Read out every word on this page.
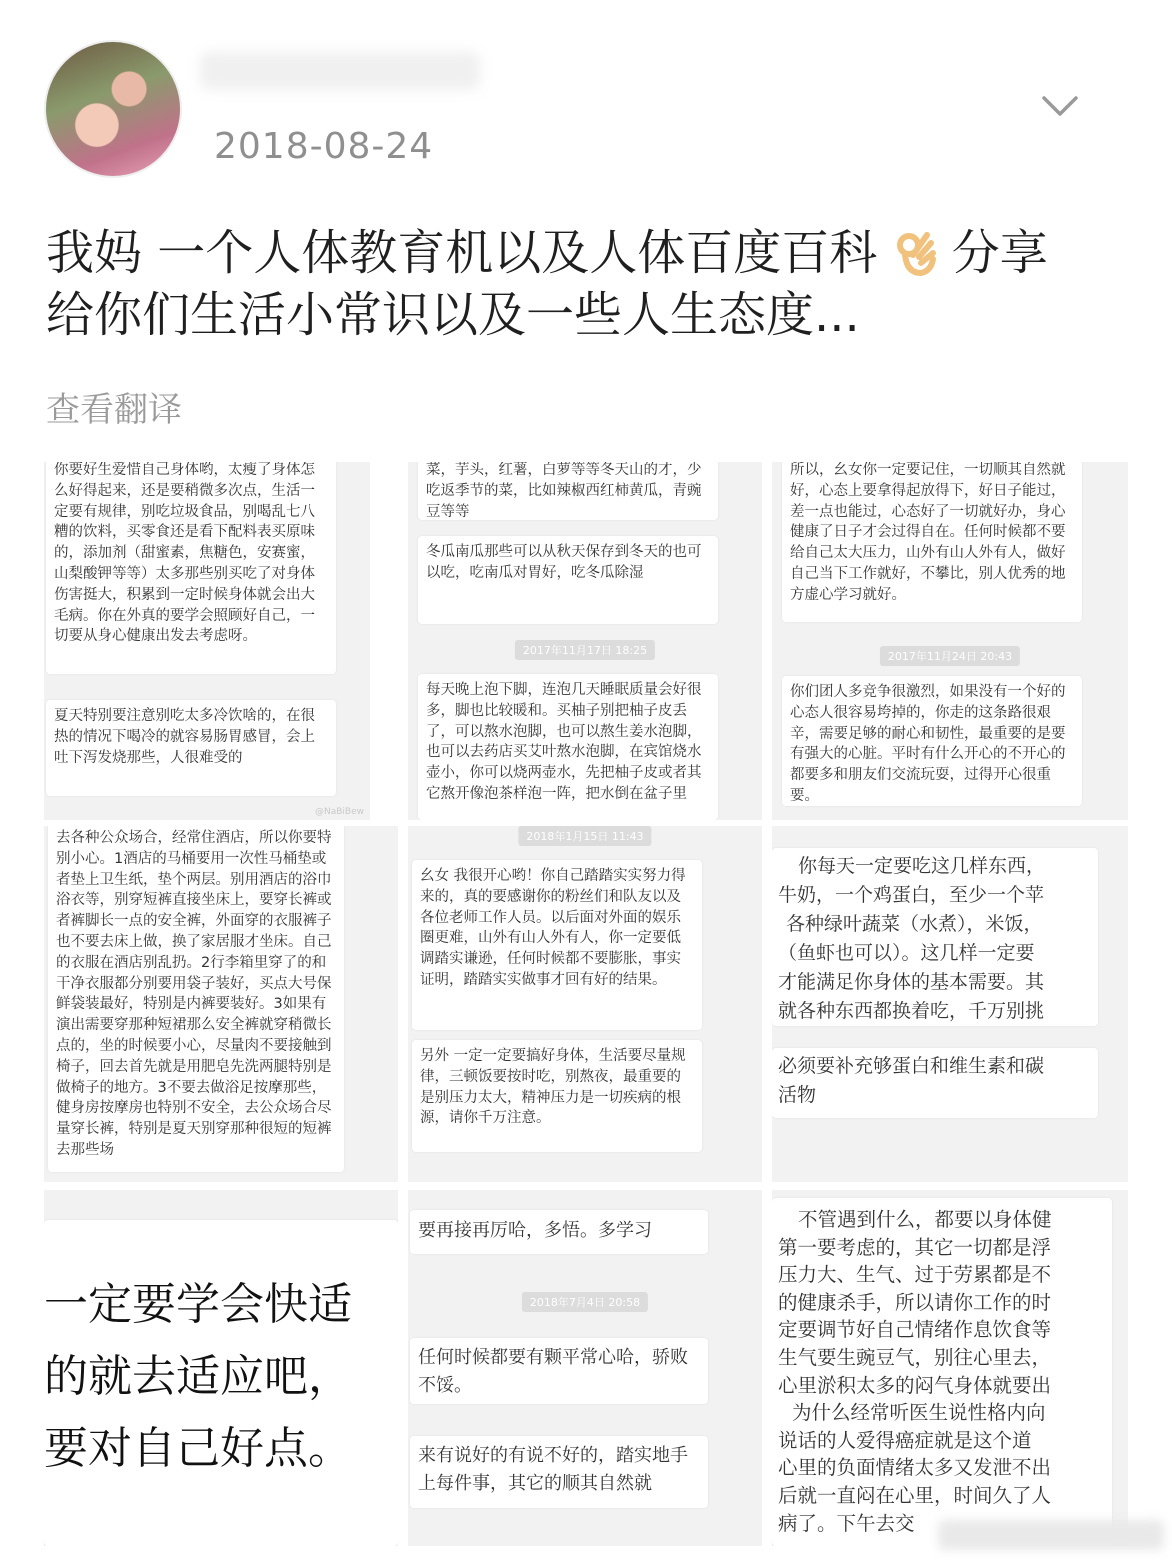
2018-08-24
我妈 一个人体教育机以及人体百度百科 分享
给你们生活小常识以及一些人生态度...
查看翻译
你要好生爱惜自己身体哟，太瘦了身体怎么好得起来，还是要稍微多次点，生活一定要有规律，别吃垃圾食品，别喝乱七八糟的饮料，买零食还是看下配料表买原味的，添加剂（甜蜜素，焦糖色，安赛蜜，山梨酸钾等等）太多那些别买吃了对身体伤害挺大，积累到一定时候身体就会出大毛病。你在外真的要学会照顾好自己，一切要从身心健康出发去考虑呀。
夏天特别要注意别吃太多冷饮啥的，在很热的情况下喝冷的就容易肠胃感冒，会上吐下泻发烧那些，人很难受的
@NaBiBew
菜，芋头，红薯，白萝等等冬天山的才，少吃返季节的菜，比如辣椒西红柿黄瓜，青豌豆等等
冬瓜南瓜那些可以从秋天保存到冬天的也可以吃，吃南瓜对胃好，吃冬瓜除湿
2017年11月17日 18:25
每天晚上泡下脚，连泡几天睡眠质量会好很多，脚也比较暖和。买柚子别把柚子皮丢了，可以熬水泡脚，也可以熬生姜水泡脚，也可以去药店买艾叶熬水泡脚，在宾馆烧水壶小，你可以烧两壶水，先把柚子皮或者其它熬开像泡茶样泡一阵，把水倒在盆子里
所以，幺女你一定要记住，一切顺其自然就好，心态上要拿得起放得下，好日子能过，差一点也能过，心态好了一切就好办，身心健康了日子才会过得自在。任何时候都不要给自己太大压力，山外有山人外有人，做好自己当下工作就好，不攀比，别人优秀的地方虚心学习就好。
2017年11月24日 20:43
你们团人多竞争很激烈，如果没有一个好的心态人很容易垮掉的，你走的这条路很艰辛，需要足够的耐心和韧性，最重要的是要有强大的心脏。平时有什么开心的不开心的都要多和朋友们交流玩耍，过得开心很重要。
去各种公众场合，经常住酒店，所以你要特别小心。1酒店的马桶要用一次性马桶垫或者垫上卫生纸，垫个两层。别用酒店的浴巾浴衣等，别穿短裤直接坐床上，要穿长裤或者裤脚长一点的安全裤，外面穿的衣服裤子也不要去床上做，换了家居服才坐床。自己的衣服在酒店别乱扔。2行李箱里穿了的和干净衣服都分别要用袋子装好，买点大号保鲜袋装最好，特别是内裤要装好。3如果有演出需要穿那种短裙那么安全裤就穿稍微长点的，坐的时候要小心，尽量肉不要接触到椅子，回去首先就是用肥皂先洗两腿特别是做椅子的地方。3不要去做浴足按摩那些，健身房按摩房也特别不安全，去公众场合尽量穿长裤，特别是夏天别穿那种很短的短裤去那些场
2018年1月15日 11:43
幺女 我很开心哟！你自己踏踏实实努力得来的，真的要感谢你的粉丝们和队友以及各位老师工作人员。以后面对外面的娱乐圈更难，山外有山人外有人，你一定要低调踏实谦逊，任何时候都不要膨胀，事实证明，踏踏实实做事才回有好的结果。
另外 一定一定要搞好身体，生活要尽量规律，三顿饭要按时吃，别熬夜，最重要的是别压力太大，精神压力是一切疾病的根源，请你千万注意。
你每天一定要吃这几样东西，
牛奶，一个鸡蛋白，至少一个苹
各种绿叶蔬菜（水煮），米饭，
（鱼虾也可以）。这几样一定要
才能满足你身体的基本需要。其
就各种东西都换着吃，千万别挑
必须要补充够蛋白和维生素和碳
活物
一定要学会快适
的就去适应吧，
要对自己好点。
要再接再厉哈，多悟。多学习
2018年7月4日 20:58
任何时候都要有颗平常心哈，骄败不馁。
来有说好的有说不好的，踏实地手上每件事，其它的顺其自然就
不管遇到什么，都要以身体健
第一要考虑的，其它一切都是浮
压力大、生气、过于劳累都是不
的健康杀手，所以请你工作的时
定要调节好自己情绪作息饮食等
生气要生豌豆气，别往心里去，
心里淤积太多的闷气身体就要出
为什么经常听医生说性格内向
说话的人爱得癌症就是这个道
心里的负面情绪太多又发泄不出
后就一直闷在心里，时间久了人
病了。下午去交
